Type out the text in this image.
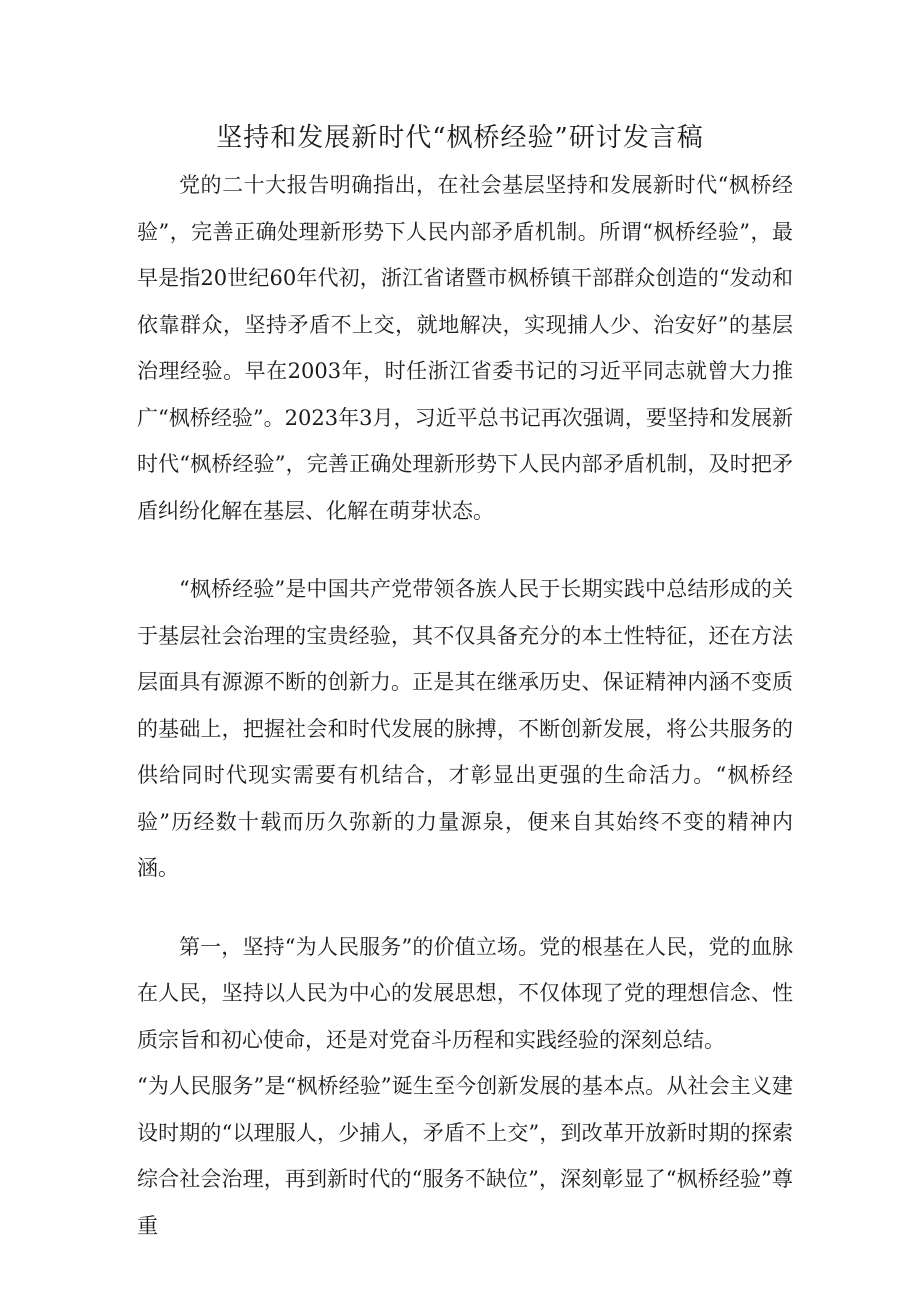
坚持和发展新时代“枫桥经验”研讨发言稿

党的二十大报告明确指出，在社会基层坚持和发展新时代“枫桥经验”，完善正确处理新形势下人民内部矛盾机制。所谓“枫桥经验”，最早是指20世纪60年代初，浙江省诸暨市枫桥镇干部群众创造的“发动和依靠群众，坚持矛盾不上交，就地解决，实现捕人少、治安好”的基层治理经验。早在2003年，时任浙江省委书记的习近平同志就曾大力推广“枫桥经验”。2023年3月，习近平总书记再次强调，要坚持和发展新时代“枫桥经验”，完善正确处理新形势下人民内部矛盾机制，及时把矛盾纠纷化解在基层、化解在萌芽状态。

“枫桥经验”是中国共产党带领各族人民于长期实践中总结形成的关于基层社会治理的宝贵经验，其不仅具备充分的本土性特征，还在方法层面具有源源不断的创新力。正是其在继承历史、保证精神内涵不变质的基础上，把握社会和时代发展的脉搏，不断创新发展，将公共服务的供给同时代现实需要有机结合，才彰显出更强的生命活力。“枫桥经验”历经数十载而历久弥新的力量源泉，便来自其始终不变的精神内涵。

第一，坚持“为人民服务”的价值立场。党的根基在人民，党的血脉在人民，坚持以人民为中心的发展思想，不仅体现了党的理想信念、性质宗旨和初心使命，还是对党奋斗历程和实践经验的深刻总结。

“为人民服务”是“枫桥经验”诞生至今创新发展的基本点。从社会主义建设时期的“以理服人，少捕人，矛盾不上交”，到改革开放新时期的探索综合社会治理，再到新时代的“服务不缺位”，深刻彰显了“枫桥经验”尊重
